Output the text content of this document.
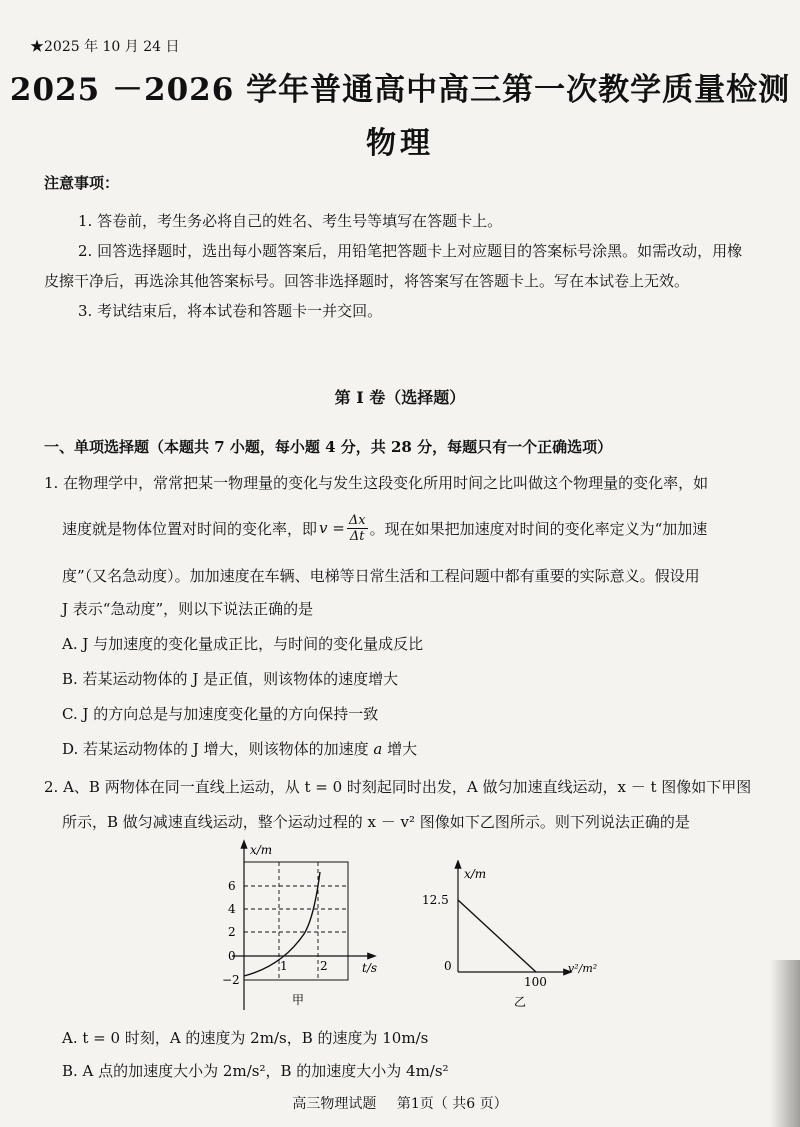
★2025 年 10 月 24 日
2025 －2026 学年普通高中高三第一次教学质量检测
物理
注意事项：
1. 答卷前，考生务必将自己的姓名、考生号等填写在答题卡上。
2. 回答选择题时，选出每小题答案后，用铅笔把答题卡上对应题目的答案标号涂黑。如需改动，用橡
皮擦干净后，再选涂其他答案标号。回答非选择题时，将答案写在答题卡上。写在本试卷上无效。
3. 考试结束后，将本试卷和答题卡一并交回。
第 I 卷（选择题）
一、单项选择题（本题共 7 小题，每小题 4 分，共 28 分，每题只有一个正确选项）
1. 在物理学中，常常把某一物理量的变化与发生这段变化所用时间之比叫做这个物理量的变化率，如
速度就是物体位置对时间的变化率，即 $v = \frac{\Delta x}{\Delta t}$ 。现在如果把加速度对时间的变化率定义为“加加速
度”（又名急动度）。加加速度在车辆、电梯等日常生活和工程问题中都有重要的实际意义。假设用
J 表示“急动度”，则以下说法正确的是
A. J 与加速度的变化量成正比，与时间的变化量成反比
B. 若某运动物体的 J 是正值，则该物体的速度增大
C. J 的方向总是与加速度变化量的方向保持一致
D. 若某运动物体的 J 增大，则该物体的加速度 a 增大
2. A、B 两物体在同一直线上运动，从 t = 0 时刻起同时出发，A 做匀加速直线运动，x － t 图像如下甲图
所示，B 做匀减速直线运动，整个运动过程的 x － v² 图像如下乙图所示。则下列说法正确的是
x/m
t/s
6
4
2
0
−2
1	2
甲
x/m
12.5
0
100
v²/m²
乙
A. t = 0 时刻，A 的速度为 2m/s，B 的速度为 10m/s
B. A 点的加速度大小为 2m/s²，B 的加速度大小为 4m/s²
高三物理试题 第1页（ 共6 页）
